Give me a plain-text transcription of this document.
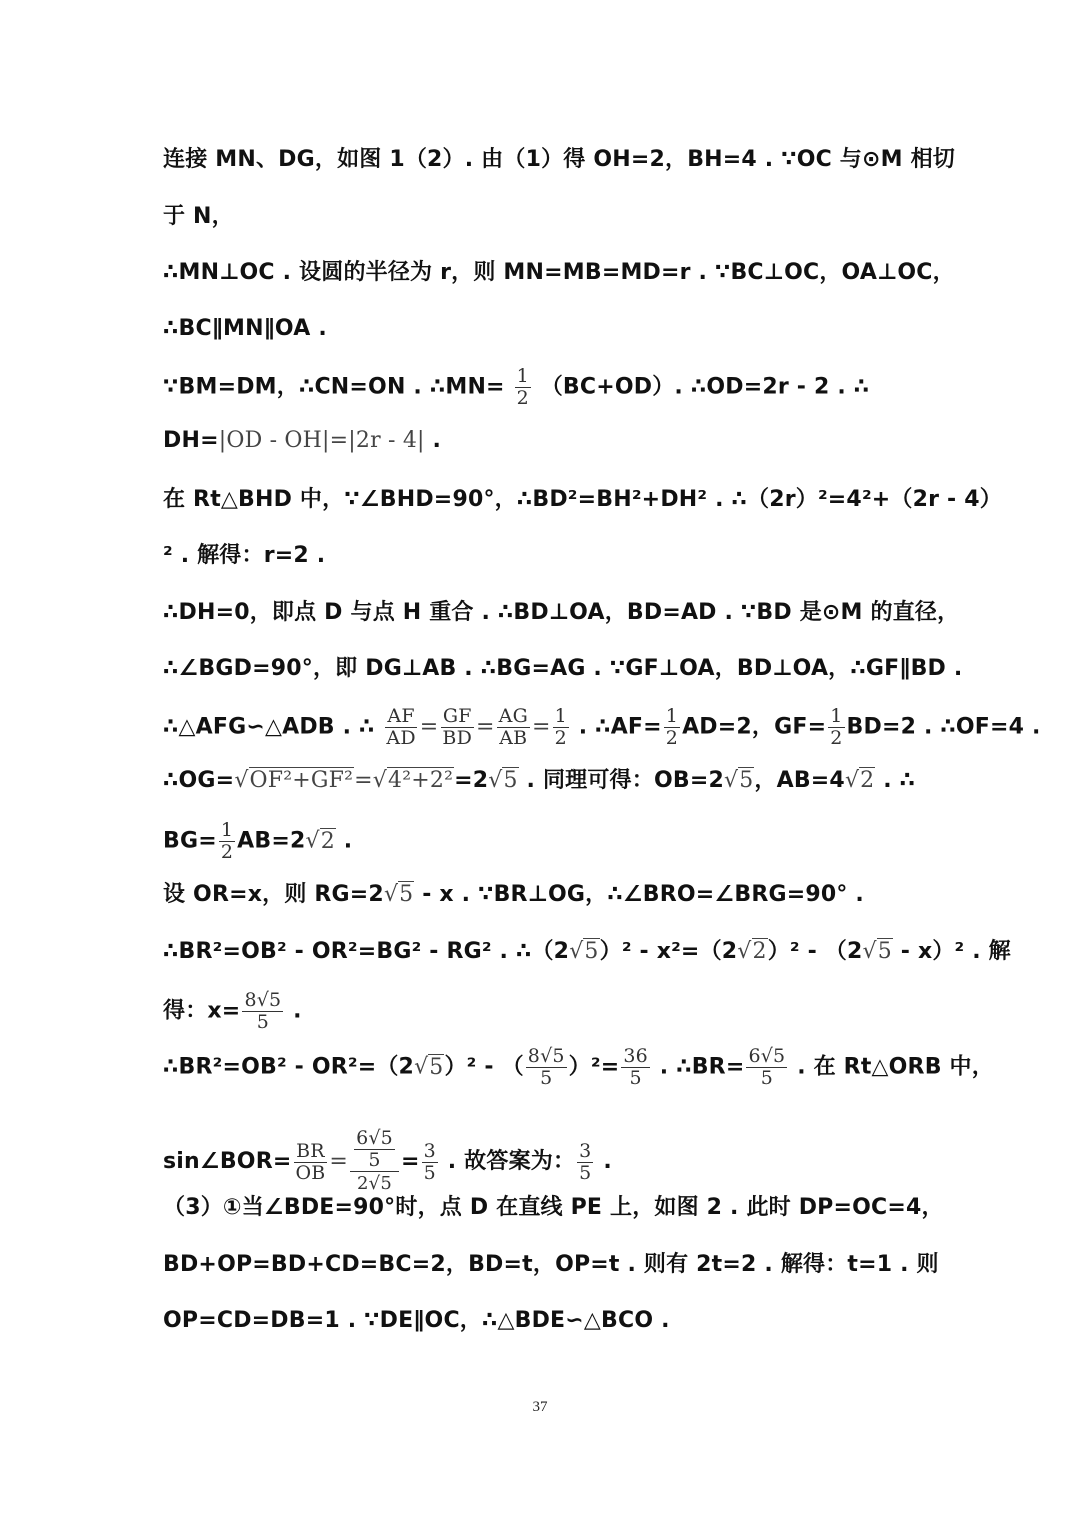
连接 MN、DG，如图 1（2）. 由（1）得 OH=2，BH=4 . ∵OC 与⊙M 相切
于 N，
∴MN⊥OC . 设圆的半径为 r，则 MN=MB=MD=r . ∵BC⊥OC，OA⊥OC，
∴BC∥MN∥OA .
∵BM=DM，∴CN=ON . ∴MN= $\frac{1}{2} (BC+OD)$. ∴OD=2r - 2 . ∴
DH=|OD - OH|=|2r - 4| .
在 Rt△BHD 中，∵∠BHD=90°，∴BD²=BH²+DH² . ∴（2r）²=4²+（2r - 4）
² . 解得：r=2 .
∴DH=0，即点 D 与点 H 重合 . ∴BD⊥OA，BD=AD . ∵BD 是⊙M 的直径，
∴∠BGD=90°，即 DG⊥AB . ∴BG=AG . ∵GF⊥OA，BD⊥OA，∴GF∥BD .
∴△AFG∽△ADB . ∴ $\frac{AF}{AD} = \frac{GF}{BD} = \frac{AG}{AB} = \frac{1}{2}$ . ∴AF= $\frac{1}{2} AD=2$，$GF= \frac{1}{2} BD=2$ . ∴OF=4 .
∴OG=√OF²+GF²=√4²+2²=2√5 . 同理可得：OB=2√5，AB=4√2 . ∴
$BG= \frac{1}{2} AB=2√2$ .
设 OR=x，则 RG=2√5 - x . ∵BR⊥OG，∴∠BRO=∠BRG=90° .
∴BR²=OB² - OR²=BG² - RG² . ∴（2√5）² - x²=（2√2）² - （2√5 - x）² . 解
得：$x= \frac{8√5}{5}$ .
∴BR²=OB² - OR²=（2√5）² - （ $\frac{8√5}{5} )^2= \frac{36}{5}$ . ∴BR= $\frac{6√5}{5}$ . 在 Rt△ORB 中，
sin∠BOR= $\frac{BR}{OB} = \frac{\frac{6√5}{5}}{2√5} = \frac{3}{5}$ . 故答案为： $\frac{3}{5}$ .
（3）①当∠BDE=90°时，点 D 在直线 PE 上，如图 2 . 此时 DP=OC=4，
BD+OP=BD+CD=BC=2，BD=t，OP=t . 则有 2t=2 . 解得：t=1 . 则
OP=CD=DB=1 . ∵DE∥OC，∴△BDE∽△BCO .
37
